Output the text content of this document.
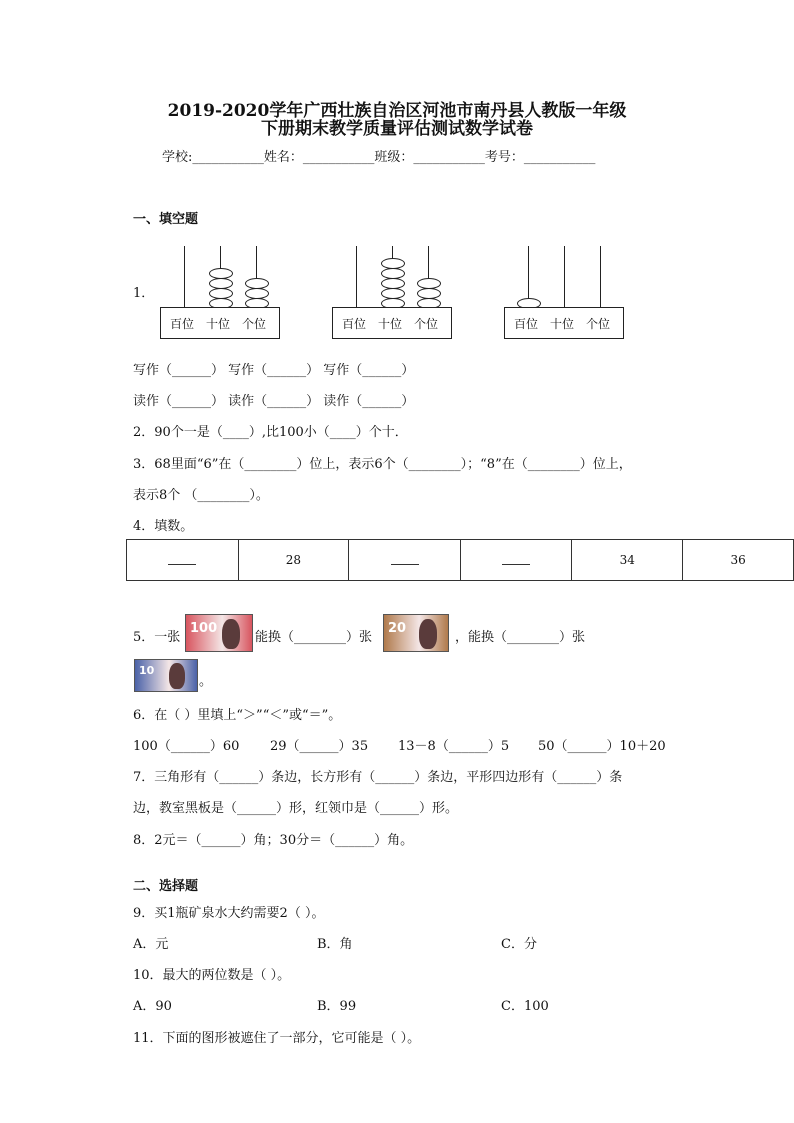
2019-2020学年广西壮族自治区河池市南丹县人教版一年级
下册期末教学质量评估测试数学试卷
学校:___________姓名：___________班级：___________考号：___________
一、填空题
1．
百位 十位 个位	百位 十位 个位	百位 十位 个位
写作（______） 写作（______） 写作（______）
读作（______） 读作（______） 读作（______）
2．90个一是（____）,比100小（____）个十．
3．68里面“6”在（________）位上，表示6个（________）；“8”在（________）位上，
表示8个 （________）。
4．填数。
	28			34	36
5．一张
100
能换（________）张
20
，能换（________）张
10
。
6．在（ ）里填上“＞”“＜”或“＝”。
100（______）60 29（______）35 13－8（______）5 50（______）10＋20
7．三角形有（______）条边，长方形有（______）条边，平形四边形有（______）条
边，教室黑板是（______）形，红领巾是（______）形。
8．2元＝（______）角；30分＝（______）角。
二、选择题
9．买1瓶矿泉水大约需要2（ ）。
A．元	B．角	C．分
10．最大的两位数是（ ）。
A．90	B．99	C．100
11．下面的图形被遮住了一部分，它可能是（ ）。
